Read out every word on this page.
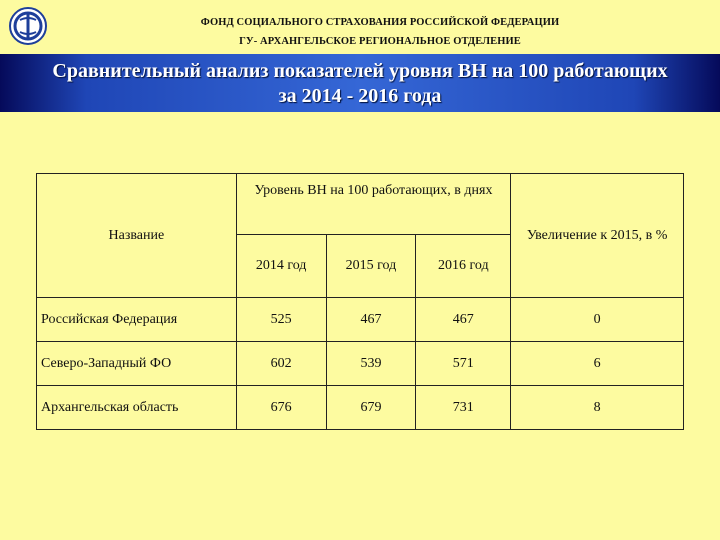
ФОНД СОЦИАЛЬНОГО СТРАХОВАНИЯ РОССИЙСКОЙ ФЕДЕРАЦИИ
ГУ- АРХАНГЕЛЬСКОЕ РЕГИОНАЛЬНОЕ ОТДЕЛЕНИЕ
Сравнительный анализ показателей уровня ВН на 100 работающих
за 2014 - 2016 года
Название	Уровень ВН на 100 работающих, в днях			Увеличение к 2015, в %
	2014 год	2015 год	2016 год	
Российская Федерация	525	467	467	0
Северо-Западный ФО	602	539	571	6
Архангельская область	676	679	731	8
